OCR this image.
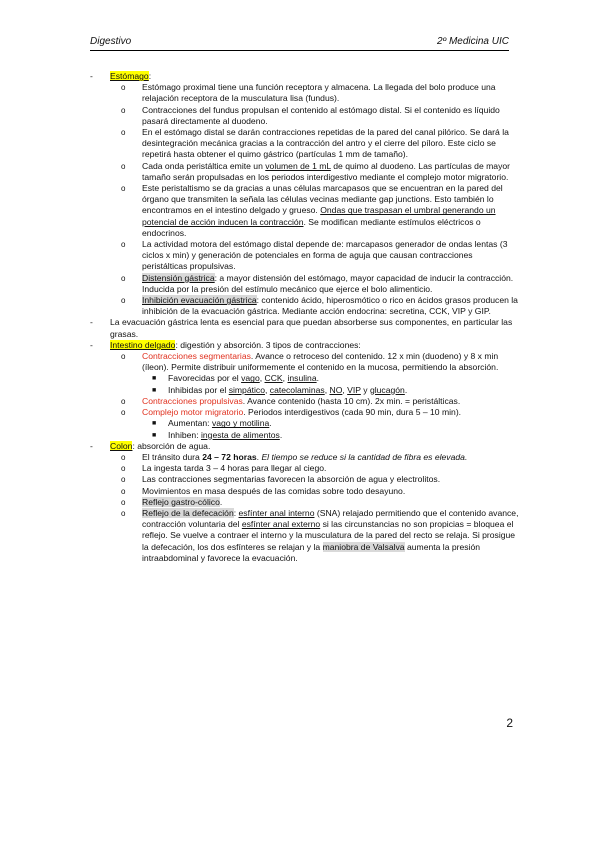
Digestivo	2º Medicina UIC
- Estómago:
o Estómago proximal tiene una función receptora y almacena. La llegada del bolo produce una relajación receptora de la musculatura lisa (fundus).
o Contracciones del fundus propulsan el contenido al estómago distal. Si el contenido es líquido pasará directamente al duodeno.
o En el estómago distal se darán contracciones repetidas de la pared del canal pilórico. Se dará la desintegración mecánica gracias a la contracción del antro y el cierre del píloro. Este ciclo se repetirá hasta obtener el quimo gástrico (partículas 1 mm de tamaño).
o Cada onda peristáltica emite un volumen de 1 mL de quimo al duodeno. Las partículas de mayor tamaño serán propulsadas en los periodos interdigestivo mediante el complejo motor migratorio.
o Este peristaltismo se da gracias a unas células marcapasos que se encuentran en la pared del órgano que transmiten la señala las células vecinas mediante gap junctions. Esto también lo encontramos en el intestino delgado y grueso. Ondas que traspasan el umbral generando un potencial de acción inducen la contracción. Se modifican mediante estímulos eléctricos o endocrinos.
o La actividad motora del estómago distal depende de: marcapasos generador de ondas lentas (3 ciclos x min) y generación de potenciales en forma de aguja que causan contracciones peristálticas propulsivas.
o Distensión gástrica: a mayor distensión del estómago, mayor capacidad de inducir la contracción. Inducida por la presión del estímulo mecánico que ejerce el bolo alimenticio.
o Inhibición evacuación gástrica: contenido ácido, hiperosmótico o rico en ácidos grasos producen la inhibición de la evacuación gástrica. Mediante acción endocrina: secretina, CCK, VIP y GIP.
- La evacuación gástrica lenta es esencial para que puedan absorberse sus componentes, en particular las grasas.
- Intestino delgado: digestión y absorción. 3 tipos de contracciones:
o Contracciones segmentarias. Avance o retroceso del contenido. 12 x min (duodeno) y 8 x min (íleon). Permite distribuir uniformemente el contenido en la mucosa, permitiendo la absorción.
■ Favorecidas por el vago, CCK, insulina.
■ Inhibidas por el simpático, catecolaminas, NO, VIP y glucagón.
o Contracciones propulsivas. Avance contenido (hasta 10 cm). 2x min. = peristálticas.
o Complejo motor migratorio. Periodos interdigestivos (cada 90 min, dura 5 – 10 min).
■ Aumentan: vago y motilina.
■ Inhiben: ingesta de alimentos.
- Colon: absorción de agua.
o El tránsito dura 24 – 72 horas. El tiempo se reduce si la cantidad de fibra es elevada.
o La ingesta tarda 3 – 4 horas para llegar al ciego.
o Las contracciones segmentarias favorecen la absorción de agua y electrolitos.
o Movimientos en masa después de las comidas sobre todo desayuno.
o Reflejo gastro-cólico.
o Reflejo de la defecación: esfínter anal interno (SNA) relajado permitiendo que el contenido avance, contracción voluntaria del esfínter anal externo si las circunstancias no son propicias = bloquea el reflejo. Se vuelve a contraer el interno y la musculatura de la pared del recto se relaja. Si prosigue la defecación, los dos esfínteres se relajan y la maniobra de Valsalva aumenta la presión intraabdominal y favorece la evacuación.
2
